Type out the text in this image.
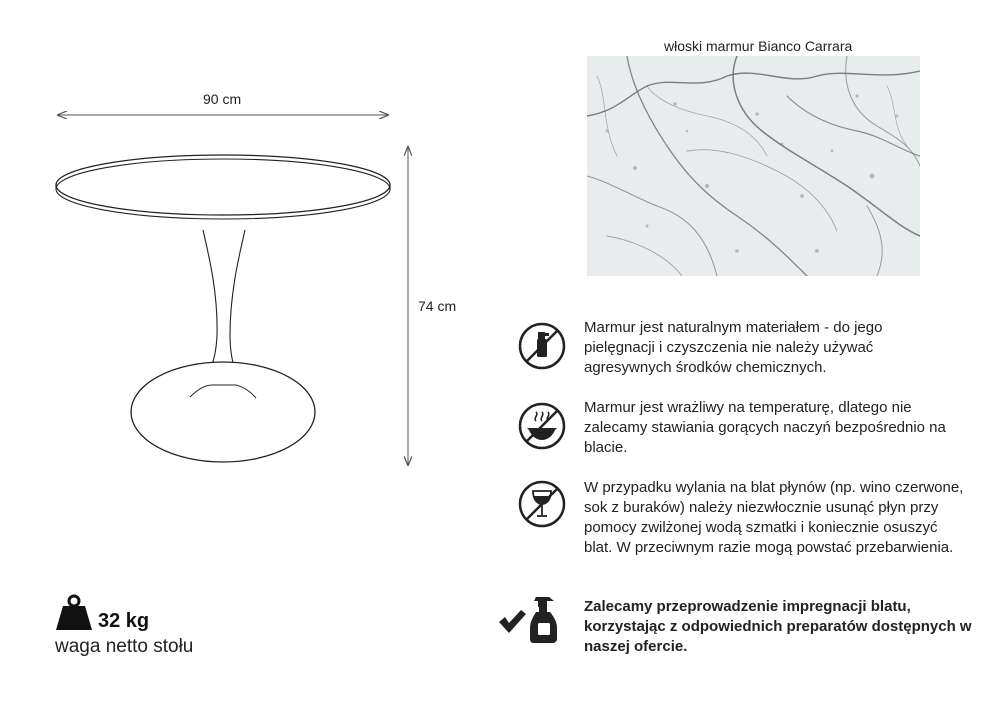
90 cm
74 cm
włoski marmur Bianco Carrara
Marmur jest naturalnym materiałem - do jego pielęgnacji i czyszczenia nie należy używać agresywnych środków chemicznych.
Marmur jest wrażliwy na temperaturę, dlatego nie zalecamy stawiania gorących naczyń bezpośrednio na blacie.
W przypadku wylania na blat płynów (np. wino czerwone, sok z buraków) należy niezwłocznie usunąć płyn przy pomocy zwilżonej wodą szmatki i koniecznie osuszyć blat. W przeciwnym razie mogą powstać przebarwienia.
Zalecamy przeprowadzenie impregnacji blatu, korzystając z odpowiednich preparatów dostępnych w naszej ofercie.
32 kg
waga netto stołu
